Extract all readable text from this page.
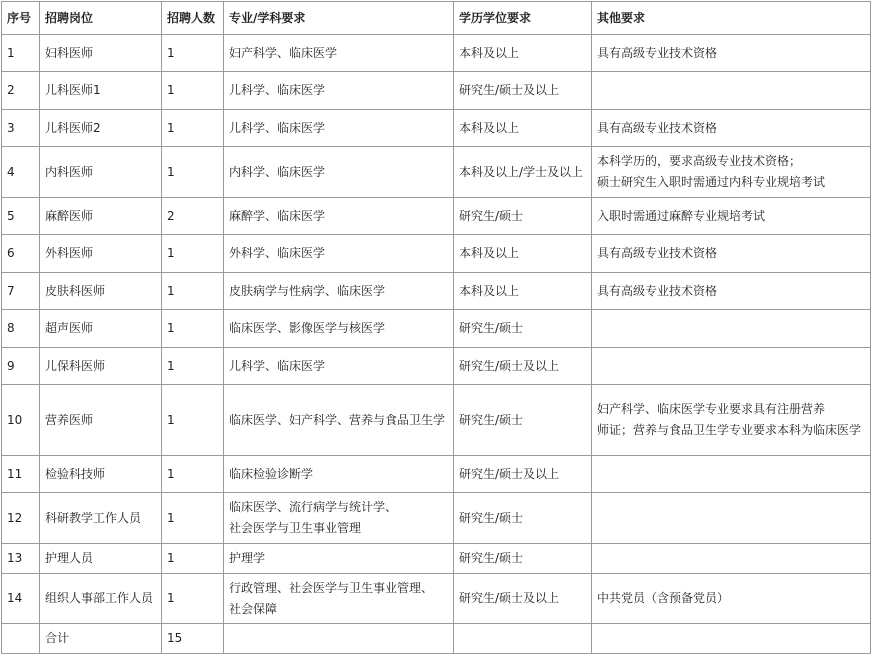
序号	招聘岗位	招聘人数	专业/学科要求	学历学位要求	其他要求
1	妇科医师	1	妇产科学、临床医学	本科及以上	具有高级专业技术资格

2	儿科医师1	1	儿科学、临床医学	研究生/硕士及以上	
3	儿科医师2	1	儿科学、临床医学	本科及以上	具有高级专业技术资格

4	内科医师	1	内科学、临床医学	本科及以上/学士及以上	本科学历的，要求高级专业技术资格；
硕士研究生入职时需通过内科专业规培考试

5	麻醉医师	2	麻醉学、临床医学	研究生/硕士	入职时需通过麻醉专业规培考试

6	外科医师	1	外科学、临床医学	本科及以上	具有高级专业技术资格

7	皮肤科医师	1	皮肤病学与性病学、临床医学	本科及以上	具有高级专业技术资格

8	超声医师	1	临床医学、影像医学与核医学	研究生/硕士	
9	儿保科医师	1	儿科学、临床医学	研究生/硕士及以上	
10	营养医师	1	临床医学、妇产科学、营养与食品卫生学	研究生/硕士	妇产科学、临床医学专业要求具有注册营养
师证；营养与食品卫生学专业要求本科为临床医学

11	检验科技师	1	临床检验诊断学	研究生/硕士及以上	
12	科研教学工作人员	1	临床医学、流行病学与统计学、
社会医学与卫生事业管理	研究生/硕士	
13	护理人员	1	护理学	研究生/硕士	
14	组织人事部工作人员	1	行政管理、社会医学与卫生事业管理、
社会保障	研究生/硕士及以上	中共党员（含预备党员）

	合计	15			
